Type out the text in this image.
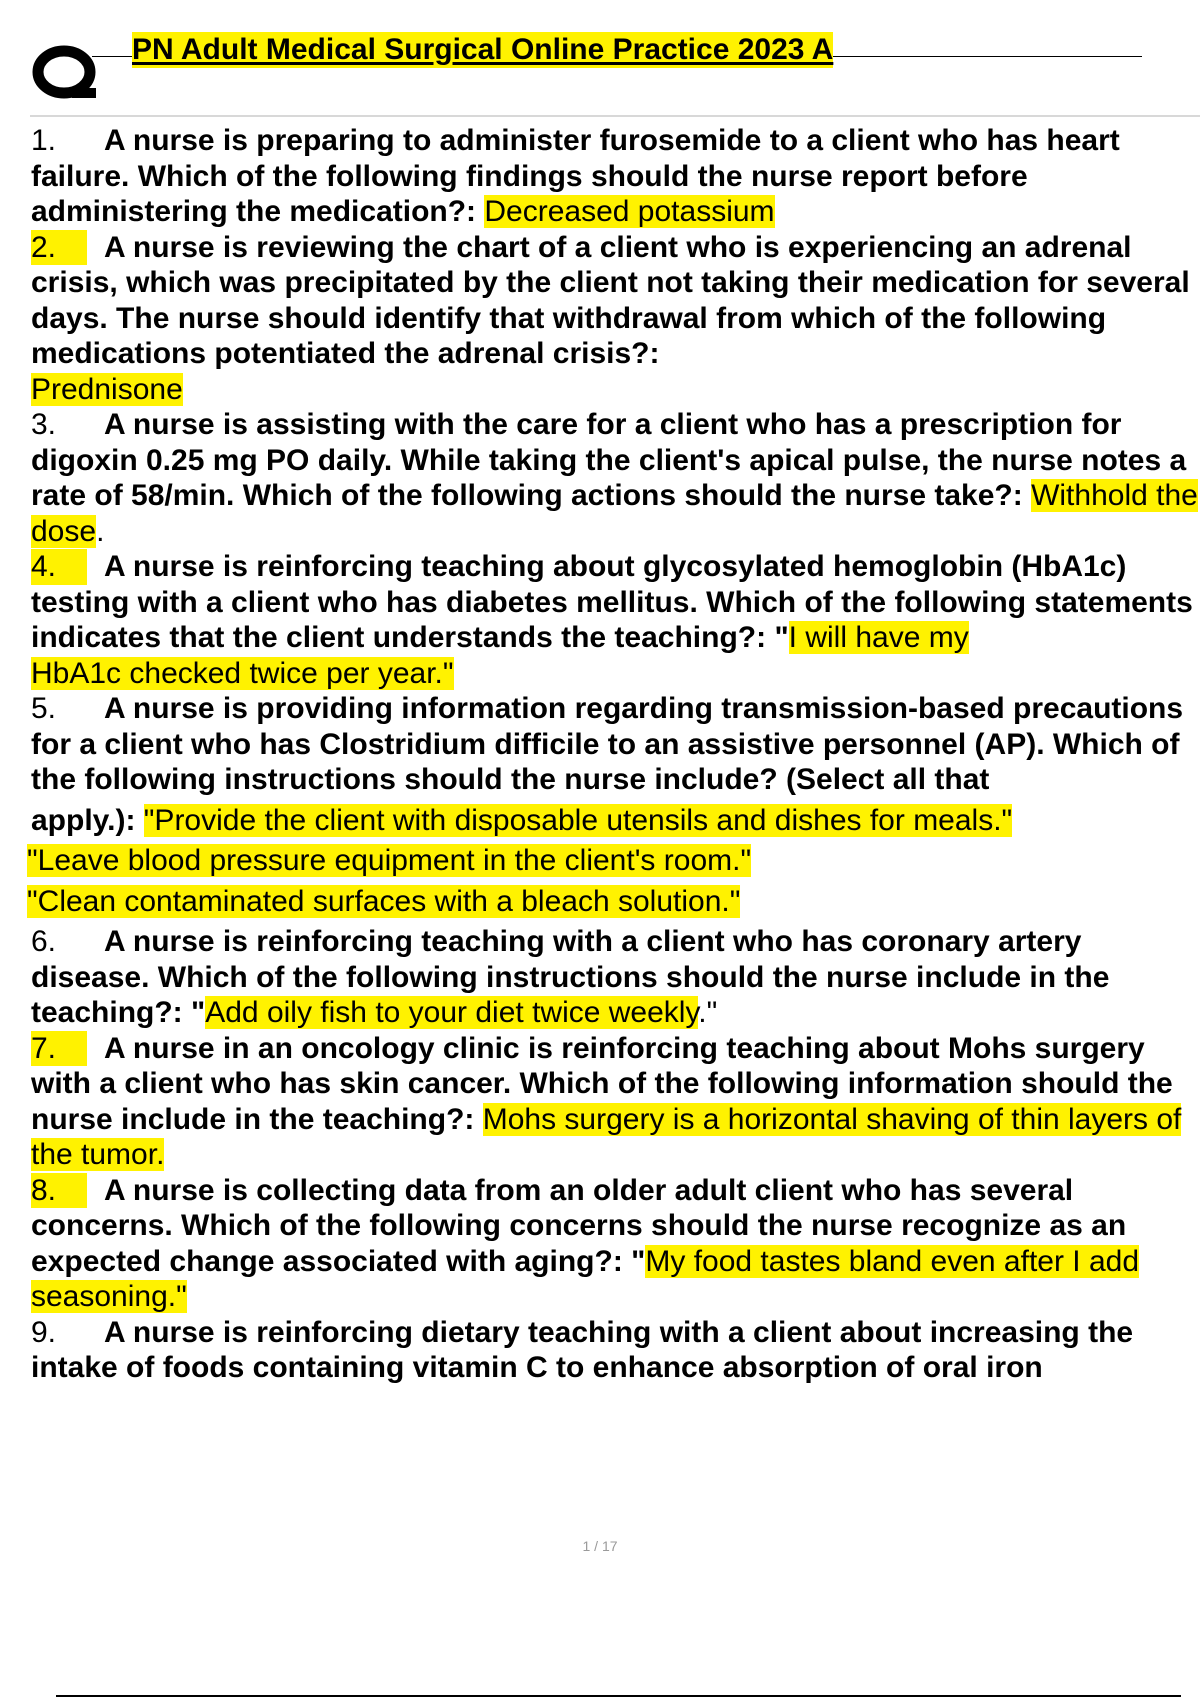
PN Adult Medical Surgical Online Practice 2023 A

1. A nurse is preparing to administer furosemide to a client who has heart failure. Which of the following findings should the nurse report before administering the medication?: Decreased potassium

2. A nurse is reviewing the chart of a client who is experiencing an adrenal crisis, which was precipitated by the client not taking their medication for several days. The nurse should identify that withdrawal from which of the following medications potentiated the adrenal crisis?:
Prednisone

3. A nurse is assisting with the care for a client who has a prescription for digoxin 0.25 mg PO daily. While taking the client's apical pulse, the nurse notes a rate of 58/min. Which of the following actions should the nurse take?: Withhold the dose.

4. A nurse is reinforcing teaching about glycosylated hemoglobin (HbA1c) testing with a client who has diabetes mellitus. Which of the following statements indicates that the client understands the teaching?: "I will have my
HbA1c checked twice per year."

5. A nurse is providing information regarding transmission-based precautions for a client who has Clostridium difficile to an assistive personnel (AP). Which of the following instructions should the nurse include? (Select all that

apply.): "Provide the client with disposable utensils and dishes for meals."

"Leave blood pressure equipment in the client's room."

"Clean contaminated surfaces with a bleach solution."

6. A nurse is reinforcing teaching with a client who has coronary artery disease. Which of the following instructions should the nurse include in the teaching?: "Add oily fish to your diet twice weekly."

7. A nurse in an oncology clinic is reinforcing teaching about Mohs surgery with a client who has skin cancer. Which of the following information should the nurse include in the teaching?: Mohs surgery is a horizontal shaving of thin layers of the tumor.

8. A nurse is collecting data from an older adult client who has several concerns. Which of the following concerns should the nurse recognize as an expected change associated with aging?: "My food tastes bland even after I add seasoning."

9. A nurse is reinforcing dietary teaching with a client about increasing the intake of foods containing vitamin C to enhance absorption of oral iron

1 / 17
